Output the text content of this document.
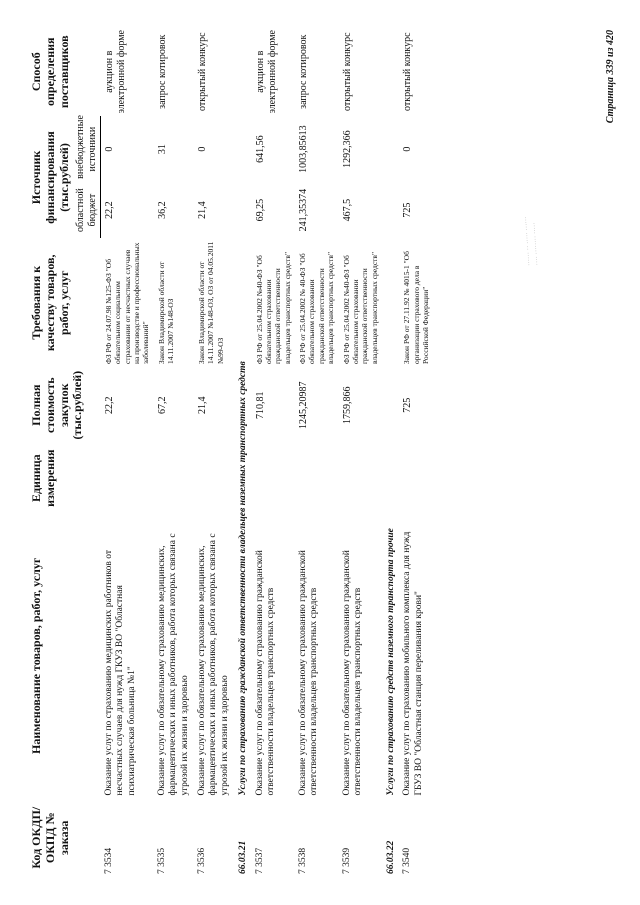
Код ОКДП/ ОКПД № заказа	Наименование товаров, работ, услуг	Единица измерения	Полная стоимость закупок (тыс.рублей)	Требования к качеству товаров, работ, услуг	Источник финансирования (тыс.рублей)		Способ определения поставщиков
					областной бюджет	внебюджетные источники	
7 3534	Оказание услуг по страхованию медицинских работников от несчастных случаев для нужд ГКУЗ ВО "Областная психиатрическая больница №1"		22,2	ФЗ РФ от 24.07.98 №125-ФЗ "Об обязательном социальном страховании от несчастных случаев на производстве и профессиональных заболеваний"	22,2	0	аукцион в электронной форме
7 3535	Оказание услуг по обязательному страхованию медицинских, фармацевтических и иных работников, работа которых связана с угрозой их жизни и здоровью		67,2	Закон Владимирской области от 14.11.2007 №148-ОЗ	36,2	31	запрос котировок
7 3536	Оказание услуг по обязательному страхованию медицинских, фармацевтических и иных работников, работа которых связана с угрозой их жизни и здоровью		21,4	Закон Владимирской области от 14.11.2007 №148-ОЗ, ОЗ от 04.05.2011 №99-ОЗ	21,4	0	открытый конкурс
66.03.21	Услуги по страхованию гражданской ответственности владельцев наземных транспортных средств						
7 3537	Оказание услуг по обязательному страхованию гражданской ответственности владельцев транспортных средств		710,81	ФЗ РФ от 25.04.2002 №40-ФЗ "Об обязательном страховании гражданской ответственности владельцев транспортных средств"	69,25	641,56	аукцион в электронной форме
7 3538	Оказание услуг по обязательному страхованию гражданской ответственности владельцев транспортных средств		1245,20987	ФЗ РФ от 25.04.2002 № 40-ФЗ "Об обязательном страховании гражданской ответственности владельцев транспортных средств"	241,35374	1003,85613	запрос котировок
7 3539	Оказание услуг по обязательному страхованию гражданской ответственности владельцев транспортных средств		1759,866	ФЗ РФ от 25.04.2002 №40-ФЗ "Об обязательном страховании гражданской ответственности владельцев транспортных средств"	467,5	1292,366	открытый конкурс
66.03.22	Услуги по страхованию средств наземного транспорта прочие						
7 3540	Оказание услуг по страхованию мобильного комплекса для нужд ГБУЗ ВО "Областная станция переливания крови"		725	Закон РФ от 27.11.92 № 4015-1 "Об организации страхового дела в Российской Федерации"	725	0	открытый конкурс
······ ·· ····· ······
···· ········ ·····
Страница 339 из 420
